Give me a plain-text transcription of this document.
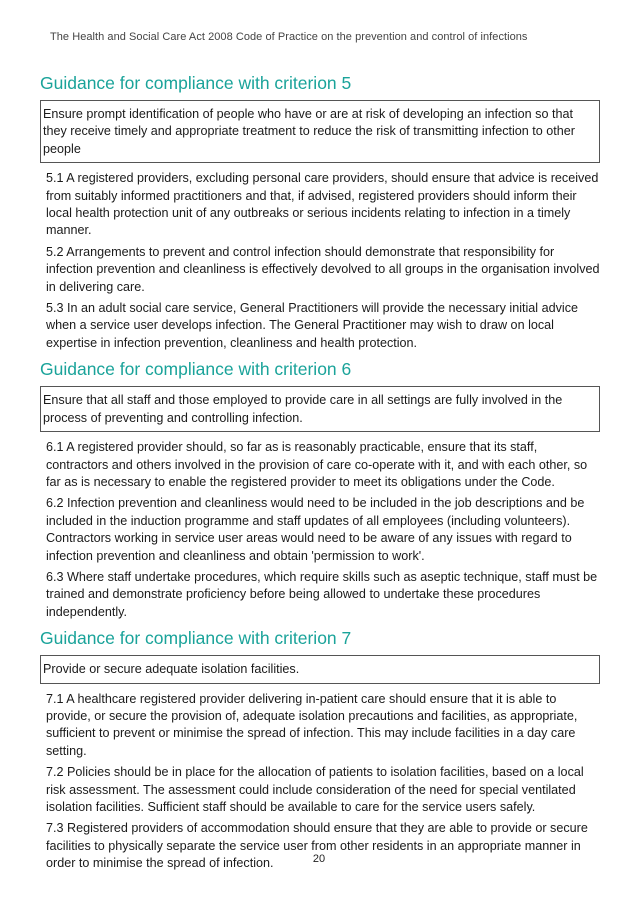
The Health and Social Care Act 2008 Code of Practice on the prevention and control of infections
Guidance for compliance with criterion 5
Ensure prompt identification of people who have or are at risk of developing an infection so that they receive timely and appropriate treatment to reduce the risk of transmitting infection to other people

5.1 A registered providers, excluding personal care providers, should ensure that advice is received from suitably informed practitioners and that, if advised, registered providers should inform their local health protection unit of any outbreaks or serious incidents relating to infection in a timely manner.

5.2 Arrangements to prevent and control infection should demonstrate that responsibility for infection prevention and cleanliness is effectively devolved to all groups in the organisation involved in delivering care.

5.3 In an adult social care service, General Practitioners will provide the necessary initial advice when a service user develops infection. The General Practitioner may wish to draw on local expertise in infection prevention, cleanliness and health protection.

Guidance for compliance with criterion 6
Ensure that all staff and those employed to provide care in all settings are fully involved in the process of preventing and controlling infection.

6.1 A registered provider should, so far as is reasonably practicable, ensure that its staff, contractors and others involved in the provision of care co-operate with it, and with each other, so far as is necessary to enable the registered provider to meet its obligations under the Code.

6.2 Infection prevention and cleanliness would need to be included in the job descriptions and be included in the induction programme and staff updates of all employees (including volunteers). Contractors working in service user areas would need to be aware of any issues with regard to infection prevention and cleanliness and obtain 'permission to work'.

6.3 Where staff undertake procedures, which require skills such as aseptic technique, staff must be trained and demonstrate proficiency before being allowed to undertake these procedures independently.

Guidance for compliance with criterion 7
Provide or secure adequate isolation facilities.

7.1 A healthcare registered provider delivering in-patient care should ensure that it is able to provide, or secure the provision of, adequate isolation precautions and facilities, as appropriate, sufficient to prevent or minimise the spread of infection. This may include facilities in a day care setting.

7.2 Policies should be in place for the allocation of patients to isolation facilities, based on a local risk assessment. The assessment could include consideration of the need for special ventilated isolation facilities. Sufficient staff should be available to care for the service users safely.

7.3 Registered providers of accommodation should ensure that they are able to provide or secure facilities to physically separate the service user from other residents in an appropriate manner in order to minimise the spread of infection.	20
